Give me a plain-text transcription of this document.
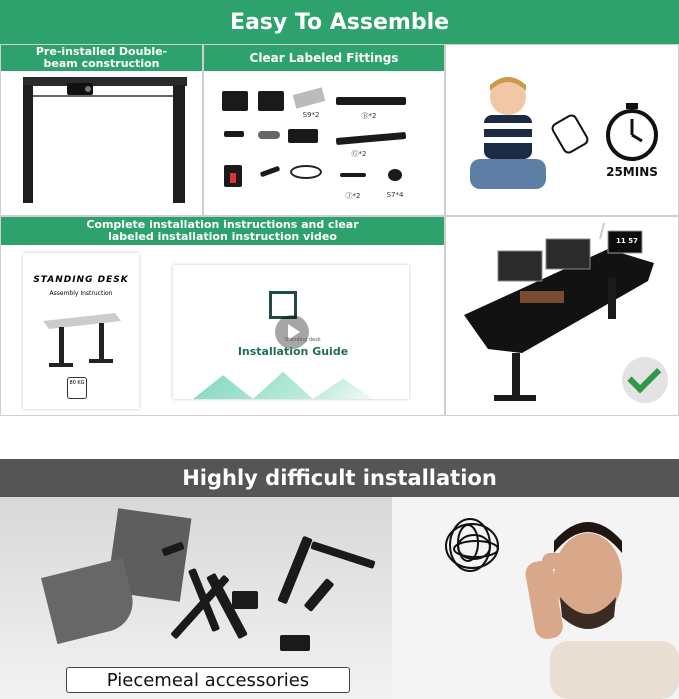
Easy To Assemble
Pre-installed Double-beam construction	Clear Labeled Fittings
S9*2	Ⓑ*2
Ⓖ*2
Ⓙ*2	S7*4
25MINS
Complete installation instructions and clear labeled installation instruction video
STANDING DESK
Assembly Instruction
80 KG
Standing desk
Installation Guide
11 57
Highly difficult installation
Piecemeal accessories
